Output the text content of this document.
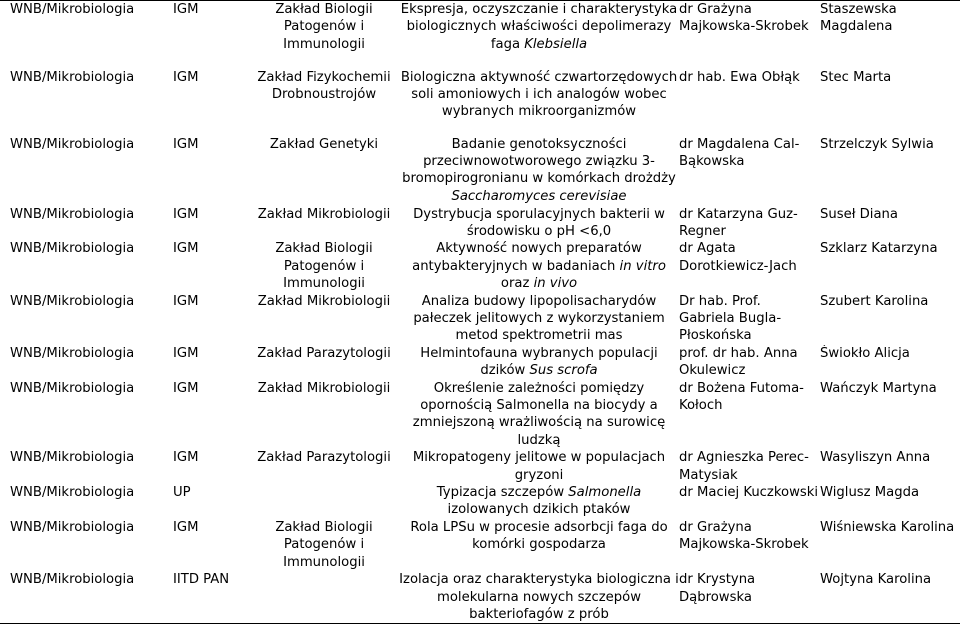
WNB/Mikrobiologia	IGM	Zakład Biologii Patogenów i Immunologii	Ekspresja, oczyszczanie i charakterystyka biologicznych właściwości depolimerazy faga Klebsiella	dr Grażyna Majkowska-Skrobek	Staszewska Magdalena
WNB/Mikrobiologia	IGM	Zakład Fizykochemii Drobnoustrojów	Biologiczna aktywność czwartorzędowych soli amoniowych i ich analogów wobec wybranych mikroorganizmów	dr hab. Ewa Obłąk	Stec Marta
WNB/Mikrobiologia	IGM	Zakład Genetyki	Badanie genotoksyczności przeciwnowotworowego związku 3-bromopirogronianu w komórkach drożdży Saccharomyces cerevisiae	dr Magdalena Cal-Bąkowska	Strzelczyk Sylwia
WNB/Mikrobiologia	IGM	Zakład Mikrobiologii	Dystrybucja sporulacyjnych bakterii w środowisku o pH <6,0	dr Katarzyna Guz-Regner	Suseł Diana
WNB/Mikrobiologia	IGM	Zakład Biologii Patogenów i Immunologii	Aktywność nowych preparatów antybakteryjnych w badaniach in vitro oraz in vivo	dr Agata Dorotkiewicz-Jach	Szklarz Katarzyna
WNB/Mikrobiologia	IGM	Zakład Mikrobiologii	Analiza budowy lipopolisacharydów pałeczek jelitowych z wykorzystaniem metod spektrometrii mas	Dr hab. Prof. Gabriela Bugla-Płoskońska	Szubert Karolina
WNB/Mikrobiologia	IGM	Zakład Parazytologii	Helmintofauna wybranych populacji dzików Sus scrofa	prof. dr hab. Anna Okulewicz	Świokło Alicja
WNB/Mikrobiologia	IGM	Zakład Mikrobiologii	Określenie zależności pomiędzy opornością Salmonella na biocydy a zmniejszoną wrażliwością na surowicę ludzką	dr Bożena Futoma-Kołoch	Wańczyk Martyna
WNB/Mikrobiologia	IGM	Zakład Parazytologii	Mikropatogeny jelitowe w populacjach gryzoni	dr Agnieszka Perec-Matysiak	Wasyliszyn Anna
WNB/Mikrobiologia	UP		Typizacja szczepów Salmonella izolowanych dzikich ptaków	dr Maciej Kuczkowski	Wiglusz Magda
WNB/Mikrobiologia	IGM	Zakład Biologii Patogenów i Immunologii	Rola LPSu w procesie adsorbcji faga do komórki gospodarza	dr Grażyna Majkowska-Skrobek	Wiśniewska Karolina
WNB/Mikrobiologia	IITD PAN		Izolacja oraz charakterystyka biologiczna i molekularna nowych szczepów bakteriofagów z prób	dr Krystyna Dąbrowska	Wojtyna Karolina
